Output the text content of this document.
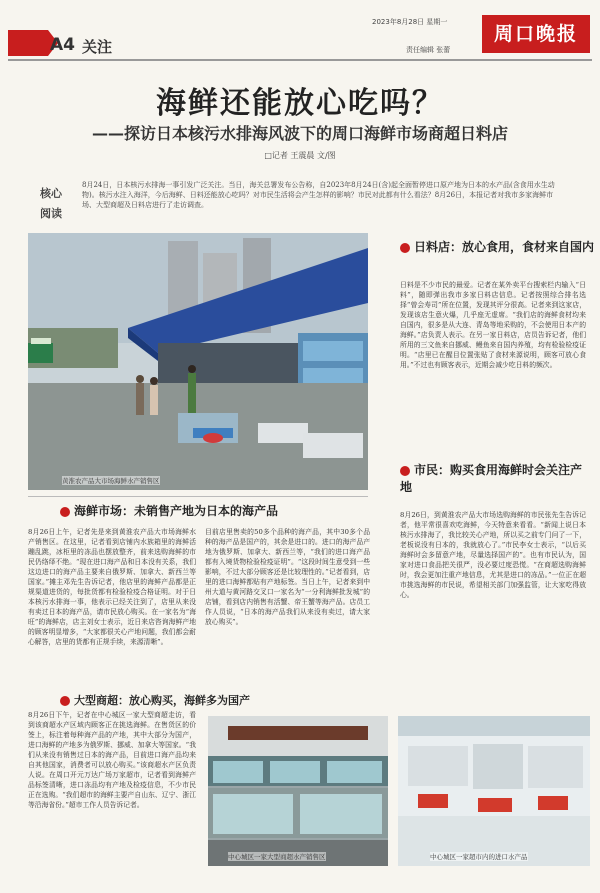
A4 关注
2023年8月28日 星期一
责任编辑 张蕾
周口晚报
海鲜还能放心吃吗？
——探访日本核污水排海风波下的周口海鲜市场商超日料店
□记者 王震晨 文/图
核心阅读
8月24日，日本核污水排海一事引发广泛关注。当日，海关总署发布公告称，自2023年8月24日(含)起全面暂停进口原产地为日本的水产品(含食用水生动物)。核污水注入海洋，今后海鲜、日料还能放心吃吗？对市民生活将会产生怎样的影响？市民对此都有什么看法？8月26日，本报记者对我市多家海鲜市场、大型商超及日料店进行了走访调查。
黄淮农产品大市场海鲜水产销售区
日料店：放心食用，食材来自国内
日料是不少市民的最爱。记者在某外卖平台搜索栏内输入“日料”，随即弹出我市多家日料店信息。记者按照综合排名选择“曾会寿司”所在位置，发现其评分很高。记者来到这家店，发现该店生意火爆，几乎座无虚席。“我们店的海鲜食材均来自国内，很多是从大连、青岛等地采购的，不会使用日本产的海鲜。”店负责人表示。在另一家日料店，店员告诉记者，他们所用的三文鱼来自挪威、鳗鱼来自国内养殖，均有检验检疫证明。“店里已在醒目位置张贴了食材来源说明，顾客可放心食用。”不过也有顾客表示，近期会减少吃日料的频次。
市民：购买食用海鲜时会关注产地
8月26日，到黄淮农产品大市场选购海鲜的市民张先生告诉记者，他平常很喜欢吃海鲜，今天特意来看看。“新闻上说日本核污水排海了，我比较关心产地，所以买之前专门问了一下，老板说没有日本的，我就放心了。”市民李女士表示，“以后买海鲜时会多留意产地，尽量选择国产的”。也有市民认为，国家对进口食品把关很严，没必要过度恐慌。“在商超选购海鲜时，我会更加注重产地信息，尤其是进口的冻品。”一位正在超市挑选海鲜的市民说，希望相关部门加强监管，让大家吃得放心。
海鲜市场：未销售产地为日本的海产品
8月26日上午，记者先是来到黄淮农产品大市场海鲜水产销售区。在这里，记者看到店铺内水族箱里的海鲜活蹦乱跳，冰柜里的冻品也摆放整齐，前来选购海鲜的市民仍络绎不绝。“现在进口海产品和日本没有关系，我们这边进口的海产品主要来自俄罗斯、加拿大、新西兰等国家。”摊主邓先生告诉记者，他店里的海鲜产品都是正规渠道进货的，每批货都有检验检疫合格证明。对于日本核污水排海一事，他表示已经关注到了，店里从来没有卖过日本的海产品，请市民放心购买。在一家名为“海旺”的海鲜店，店主刘女士表示，近日来店咨询海鲜产地的顾客明显增多，“大家都很关心产地问题，我们都会耐心解答，店里的货都有正规手续，来源清晰”。
目前店里售卖的50多个品种的海产品，其中30多个品种的海产品是国产的，其余是进口的。进口的海产品产地为俄罗斯、加拿大、新西兰等，“我们的进口海产品都有入境货物检验检疫证明”。“这段时间生意受到一些影响，不过大部分顾客还是比较理性的。”记者看到，店里的进口海鲜都贴有产地标签。当日上午，记者来到中州大道与黄河路交叉口一家名为“一分利海鲜批发城”的店铺，看到店内销售有活蟹、帝王蟹等海产品。店员工作人员说，“日本的海产品我们从来没有卖过，请大家放心购买”。
大型商超：放心购买，海鲜多为国产
8月26日下午，记者在中心城区一家大型商超走访，看到该商超水产区域内顾客正在挑选海鲜。在售货区的价签上，标注着每种海产品的产地，其中大部分为国产，进口海鲜的产地多为俄罗斯、挪威、加拿大等国家。“我们从来没有销售过日本的海产品，目前进口海产品均来自其他国家，消费者可以放心购买。”该商超水产区负责人说。在周口开元万达广场万家超市，记者看到海鲜产品标签清晰，进口冻品均有产地及检疫信息，不少市民正在选购。“我们超市的海鲜主要产自山东、辽宁、浙江等沿海省份。”超市工作人员告诉记者。
中心城区一家大型商超水产销售区	中心城区一家超市内的进口水产品
